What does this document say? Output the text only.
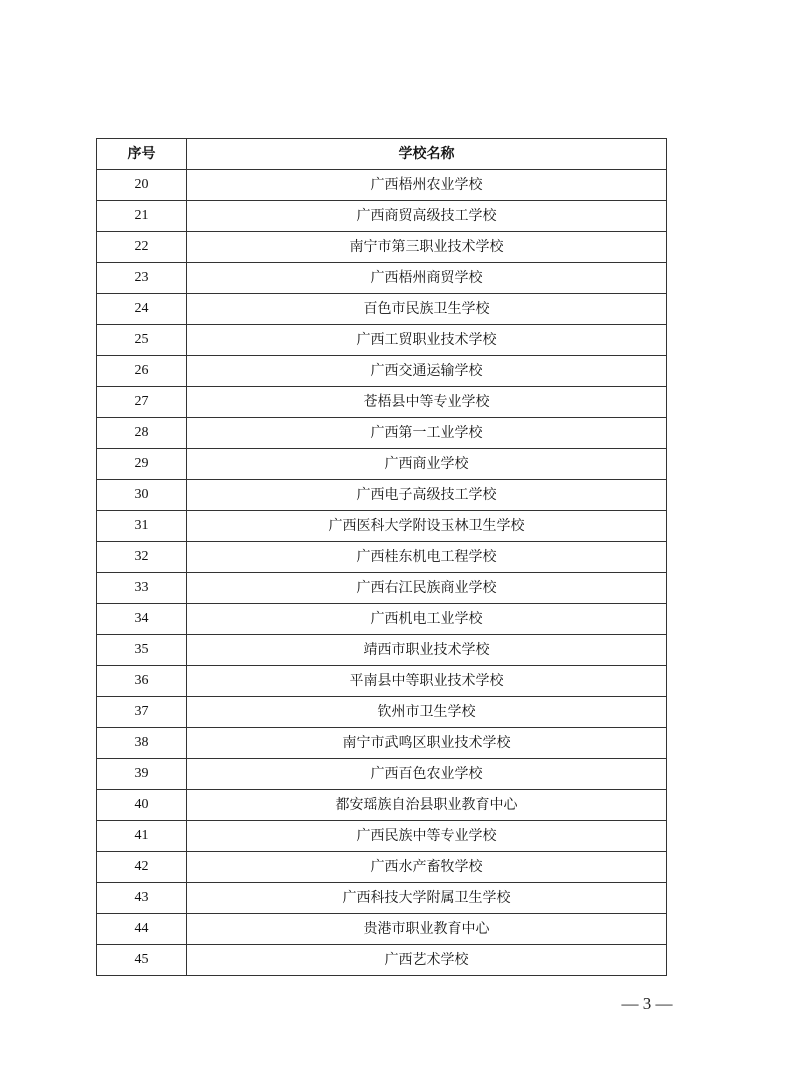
序号	学校名称
20	广西梧州农业学校
21	广西商贸高级技工学校
22	南宁市第三职业技术学校
23	广西梧州商贸学校
24	百色市民族卫生学校
25	广西工贸职业技术学校
26	广西交通运输学校
27	苍梧县中等专业学校
28	广西第一工业学校
29	广西商业学校
30	广西电子高级技工学校
31	广西医科大学附设玉林卫生学校
32	广西桂东机电工程学校
33	广西右江民族商业学校
34	广西机电工业学校
35	靖西市职业技术学校
36	平南县中等职业技术学校
37	钦州市卫生学校
38	南宁市武鸣区职业技术学校
39	广西百色农业学校
40	都安瑶族自治县职业教育中心
41	广西民族中等专业学校
42	广西水产畜牧学校
43	广西科技大学附属卫生学校
44	贵港市职业教育中心
45	广西艺术学校
— 3 —
